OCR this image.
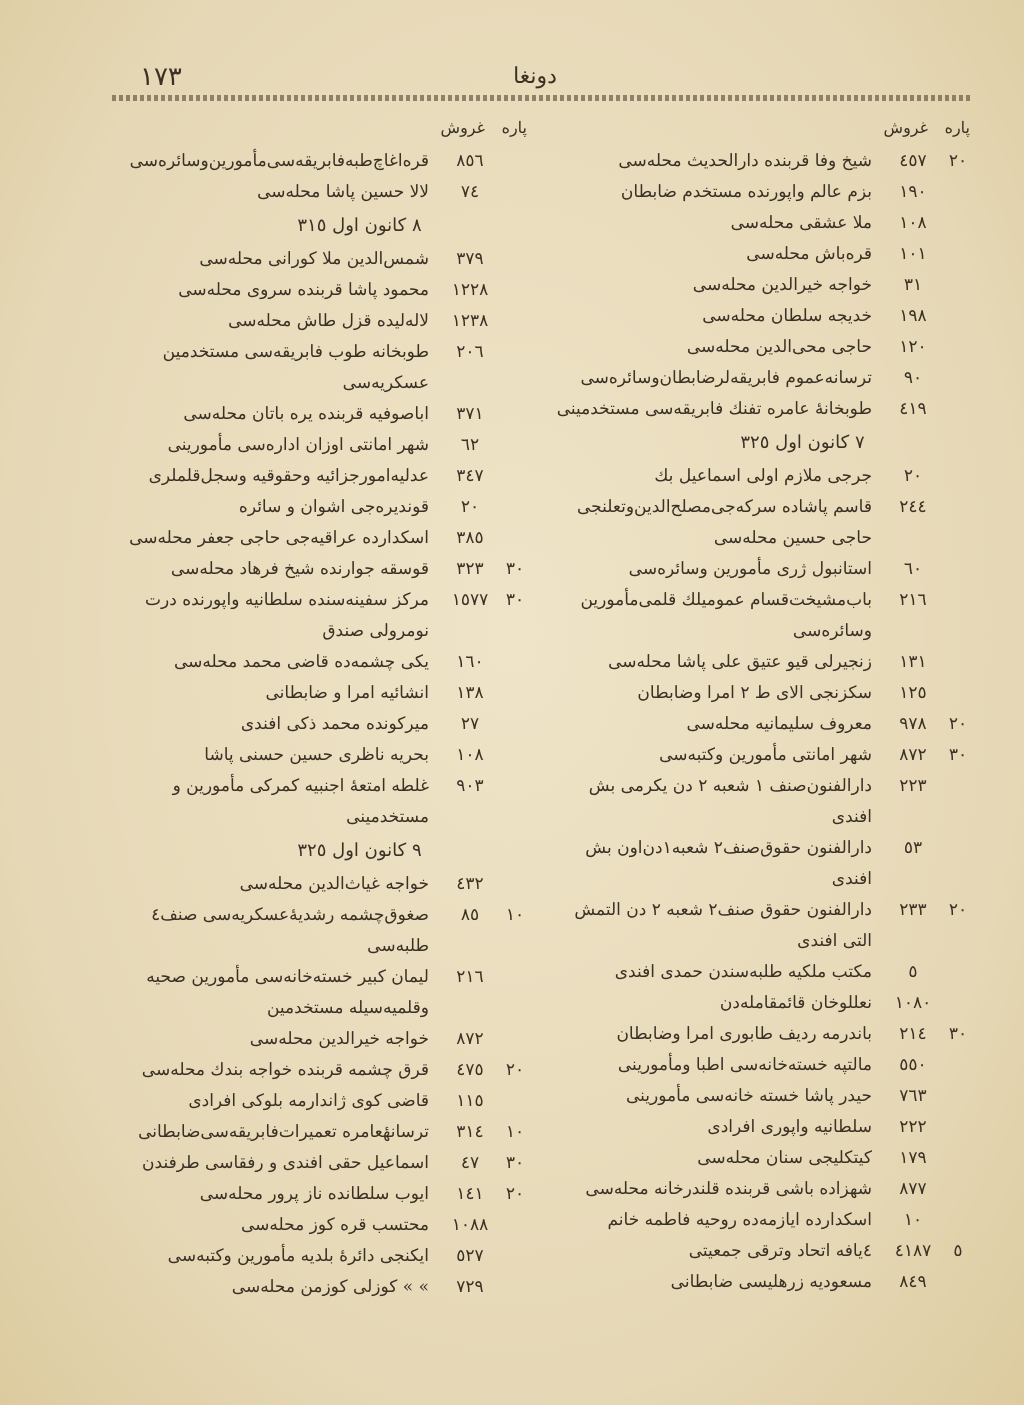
١٧٣	دونغا
پاره
غروش
٢٠
٤٥٧
شیخ وفا قربنده دارالحدیث محله‌سی
١٩٠
بزم عالم واپورنده مستخدم ضابطان
١٠٨
ملا عشقی محله‌سی
١٠١
قره‌باش محله‌سی
٣١
خواجه خیرالدین محله‌سی
١٩٨
خدیجه سلطان محله‌سی
١٢٠
حاجی محی‌الدین محله‌سی
٩٠
ترسانه‌عموم فابریقه‌لرضابطان‌وسائره‌سی
٤١٩
طوبخانهٔ عامره تفنك فابریقه‌سی مستخدمینی
٧ کانون اول ٣٢٥
٢٠
جرجی ملازم اولی اسماعیل بك
٢٤٤
قاسم پاشاده سرکه‌جی‌مصلح‌الدین‌وتعلنجی حاجی حسین محله‌سی
٦٠
استانبول ژری مأمورین وسائره‌سی
٢١٦
باب‌مشیخت‌قسام عمومیلك قلمی‌مأمورین وسائره‌سی
١٣١
زنجیرلی قیو عتیق علی پاشا محله‌سی
١٢٥
سکزنجی الای ط ٢ امرا وضابطان
٢٠
٩٧٨
معروف سلیمانیه محله‌سی
٣٠
٨٧٢
شهر امانتی مأمورین وکتبه‌سی
٢٢٣
دارالفنون‌صنف ١ شعبه ٢ دن یکرمی بش افندی
٥٣
دارالفنون حقوق‌صنف٢ شعبه١دن‌اون بش افندی
٢٠
٢٣٣
دارالفنون حقوق صنف٢ شعبه ٢ دن التمش التی افندی
٥
مکتب ملکیه طلبه‌سندن حمدی افندی
١٠٨٠
نعللوخان قائمقامله‌دن
٣٠
٢١٤
باندرمه ردیف طابوری امرا وضابطان
٥٥٠
مالتپه خسته‌خانه‌سی اطبا ومأمورینی
٧٦٣
حیدر پاشا خسته خانه‌سی مأمورینی
٢٢٢
سلطانیه واپوری افرادی
١٧٩
کیتکلیجی سنان محله‌سی
٨٧٧
شهزاده باشی قربنده قلندرخانه محله‌سی
١٠
اسکدارده ایازمه‌ده روحیه فاطمه خانم
٥
٤١٨٧
٤یافه اتحاد وترقی جمعیتی
٨٤٩
مسعودیه زرهلیسی ضابطانی
پاره
غروش
٨٥٦
قره‌اغاچ‌طبه‌فابریقه‌سی‌مأمورین‌وسائره‌سی
٧٤
لالا حسین پاشا محله‌سی
٨ کانون اول ٣١٥
٣٧٩
شمس‌الدین ملا کورانی محله‌سی
١٢٢٨
محمود پاشا قربنده سروی محله‌سی
١٢٣٨
لاله‌لیده قزل طاش محله‌سی
٢٠٦
طوبخانه طوب فابریقه‌سی مستخدمین عسکریه‌سی
٣٧١
اباصوفیه قربنده یره باتان محله‌سی
٦٢
شهر امانتی اوزان اداره‌سی مأمورینی
٣٤٧
عدلیه‌امورجزائیه وحقوقیه وسجل‌قلملری
٢٠
قوندیره‌جی اشوان و سائره
٣٨٥
اسکدارده عراقیه‌جی حاجی جعفر محله‌سی
٣٠
٣٢٣
قوسقه جوارنده شیخ فرهاد محله‌سی
٣٠
١٥٧٧
مرکز سفینه‌سنده سلطانیه واپورنده درت نومرولی صندق
١٦٠
یکی چشمه‌ده قاضی محمد محله‌سی
١٣٨
انشائیه امرا و ضابطانی
٢٧
میرکونده محمد ذکی افندی
١٠٨
بحریه ناظری حسین حسنی پاشا
٩٠٣
غلطه امتعهٔ اجنبیه کمرکی مأمورین و مستخدمینی
٩ کانون اول ٣٢٥
٤٣٢
خواجه غیاث‌الدین محله‌سی
١٠
٨٥
صغوق‌چشمه رشدیهٔ‌عسکریه‌سی صنف٤ طلبه‌سی
٢١٦
لیمان کبیر خسته‌خانه‌سی مأمورین صحیه وقلمیه‌سیله مستخدمین
٨٧٢
خواجه خیرالدین محله‌سی
٢٠
٤٧٥
قرق چشمه قربنده خواجه بندك محله‌سی
١١٥
قاضی کوی ژاندارمه بلوکی افرادی
١٠
٣١٤
ترسانهٔعامره تعمیرات‌فابریقه‌سی‌ضابطانی
٣٠
٤٧
اسماعیل حقی افندی و رفقاسی طرفندن
٢٠
١٤١
ایوب سلطانده ناز پرور محله‌سی
١٠٨٨
محتسب قره کوز محله‌سی
٥٢٧
ایکنجی دائرهٔ بلدیه مأمورین وکتبه‌سی
٧٢٩
» » کوزلی کوزمن محله‌سی
